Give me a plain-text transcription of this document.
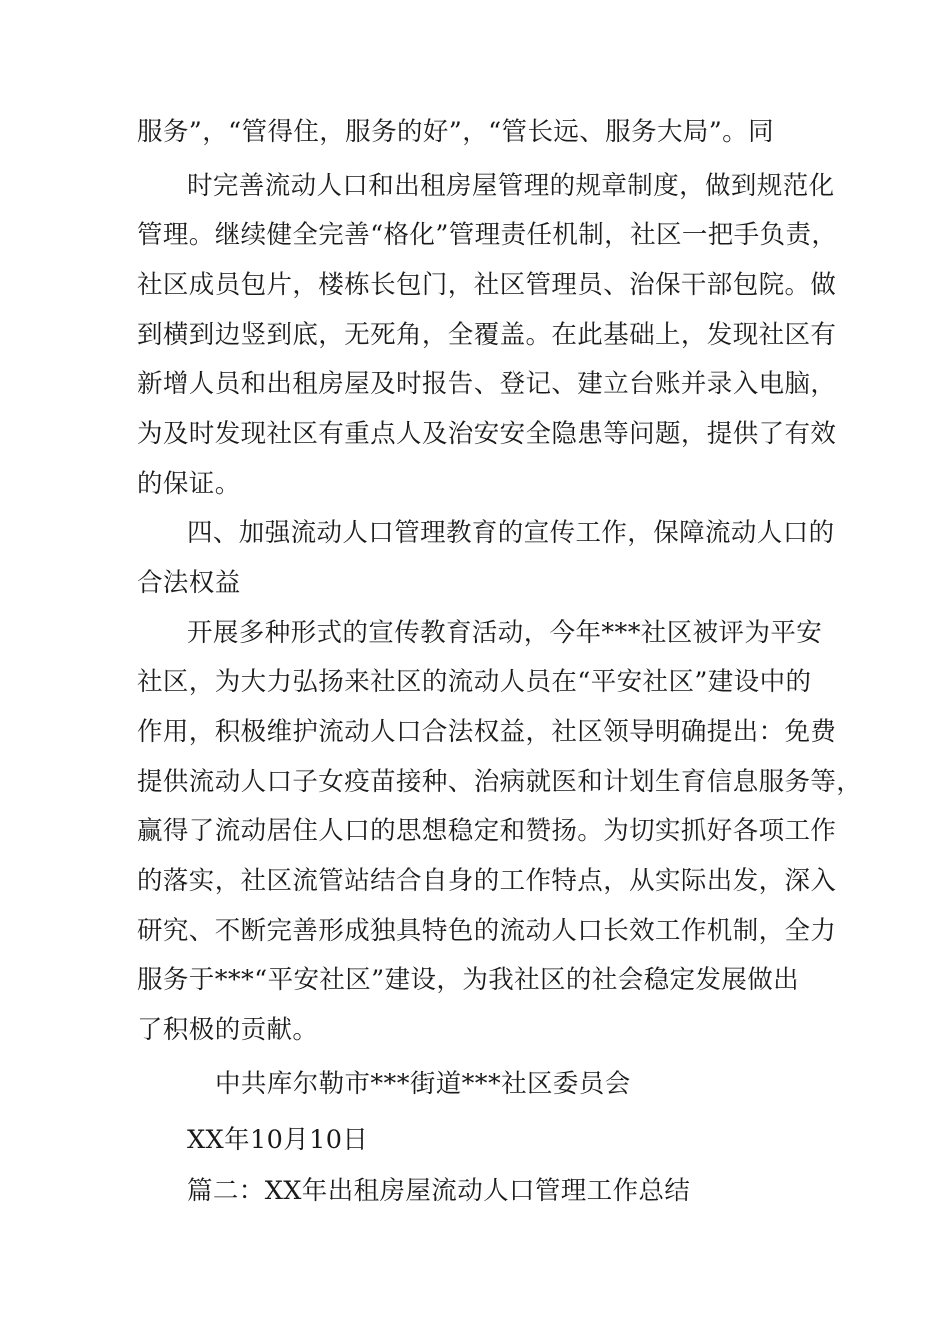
服务”，“管得住，服务的好”，“管长远、服务大局”。同
时完善流动人口和出租房屋管理的规章制度，做到规范化
管理。继续健全完善“格化”管理责任机制，社区一把手负责，
社区成员包片，楼栋长包门，社区管理员、治保干部包院。做
到横到边竖到底，无死角，全覆盖。在此基础上，发现社区有
新增人员和出租房屋及时报告、登记、建立台账并录入电脑，
为及时发现社区有重点人及治安安全隐患等问题，提供了有效
的保证。
四、加强流动人口管理教育的宣传工作，保障流动人口的
合法权益
开展多种形式的宣传教育活动，今年***社区被评为平安
社区，为大力弘扬来社区的流动人员在“平安社区”建设中的
作用，积极维护流动人口合法权益，社区领导明确提出：免费
提供流动人口子女疫苗接种、治病就医和计划生育信息服务等，
赢得了流动居住人口的思想稳定和赞扬。为切实抓好各项工作
的落实，社区流管站结合自身的工作特点，从实际出发，深入
研究、不断完善形成独具特色的流动人口长效工作机制，全力
服务于***“平安社区”建设，为我社区的社会稳定发展做出
了积极的贡献。
中共库尔勒市***街道***社区委员会
XX年10月10日
篇二：XX年出租房屋流动人口管理工作总结
